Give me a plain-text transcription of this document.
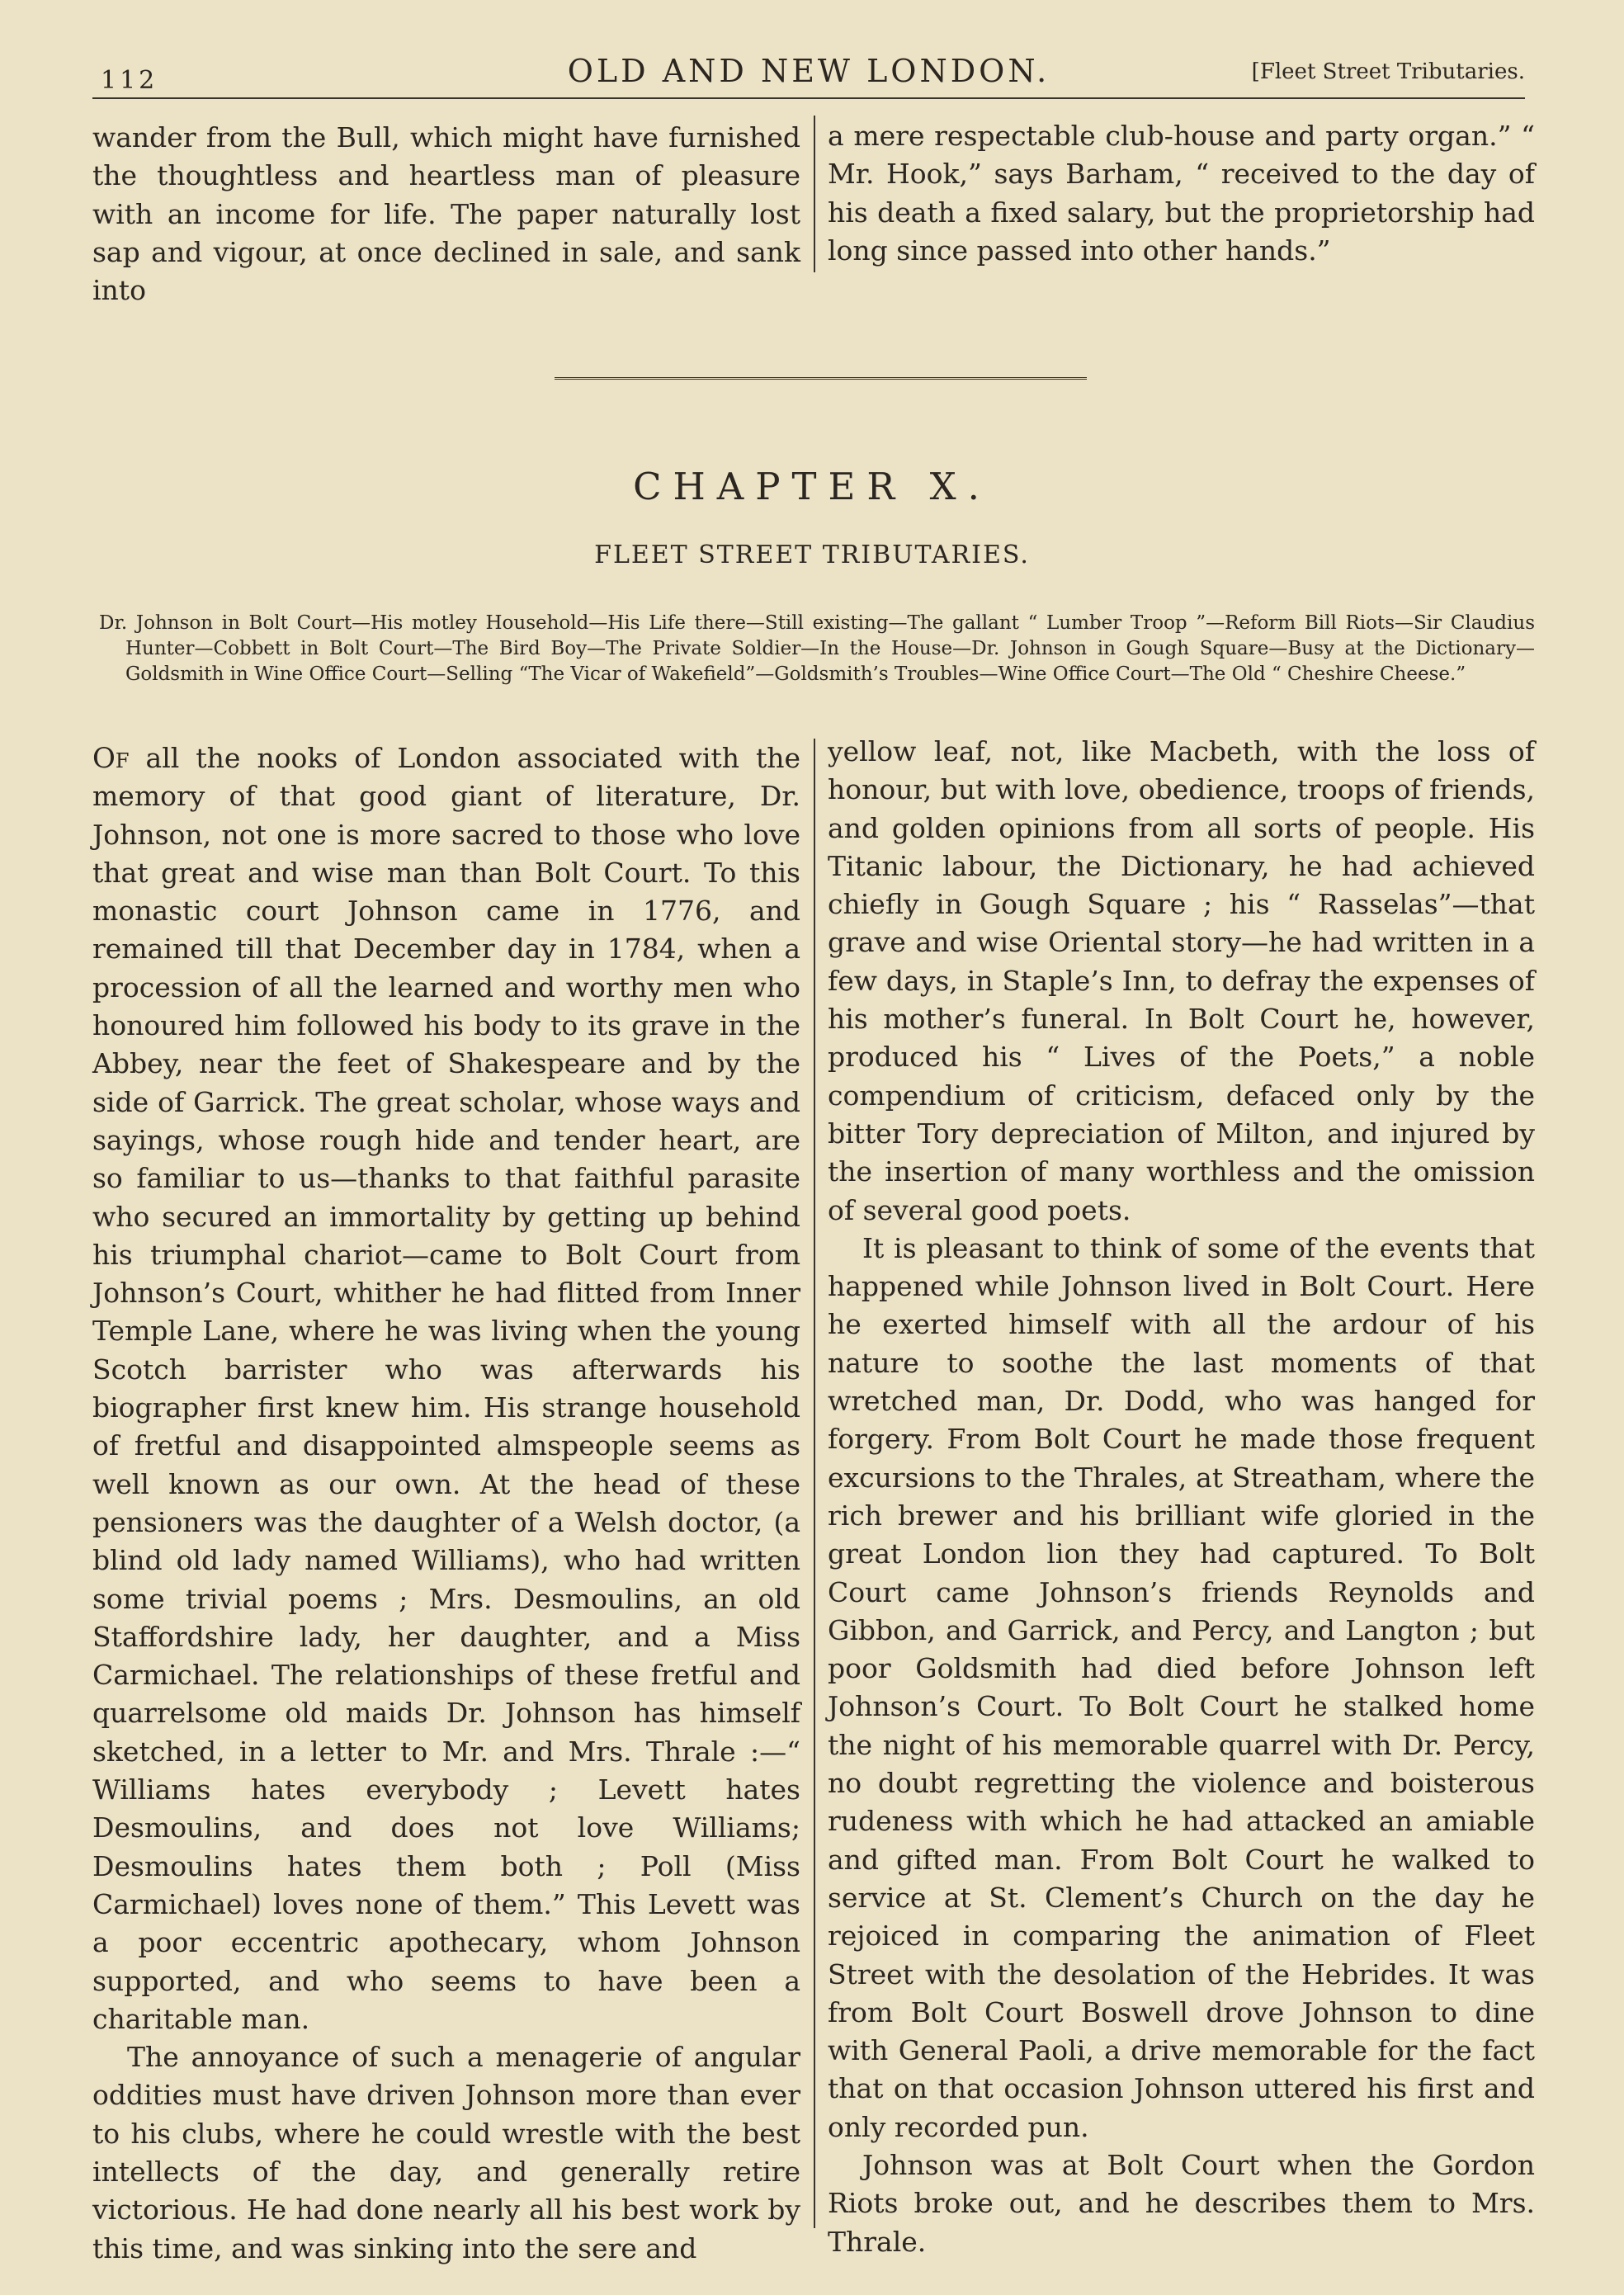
112	OLD AND NEW LONDON.	[Fleet Street Tributaries.

wander from the Bull, which might have furnished the thoughtless and heartless man of pleasure with an income for life. The paper naturally lost sap and vigour, at once declined in sale, and sank into

a mere respectable club-house and party organ.” “ Mr. Hook,” says Barham, “ received to the day of his death a fixed salary, but the proprietorship had long since passed into other hands.”

CHAPTER X.
FLEET STREET TRIBUTARIES.
Dr. Johnson in Bolt Court—His motley Household—His Life there—Still existing—The gallant “ Lumber Troop ”—Reform Bill Riots—Sir Claudius Hunter—Cobbett in Bolt Court—The Bird Boy—The Private Soldier—In the House—Dr. Johnson in Gough Square—Busy at the Dictionary—Goldsmith in Wine Office Court—Selling “The Vicar of Wakefield”—Goldsmith’s Troubles—Wine Office Court—The Old “ Cheshire Cheese.”

Of all the nooks of London associated with the memory of that good giant of literature, Dr. Johnson, not one is more sacred to those who love that great and wise man than Bolt Court. To this monastic court Johnson came in 1776, and remained till that December day in 1784, when a procession of all the learned and worthy men who honoured him followed his body to its grave in the Abbey, near the feet of Shakespeare and by the side of Garrick. The great scholar, whose ways and sayings, whose rough hide and tender heart, are so familiar to us—thanks to that faithful parasite who secured an immortality by getting up behind his triumphal chariot—came to Bolt Court from Johnson’s Court, whither he had flitted from Inner Temple Lane, where he was living when the young Scotch barrister who was afterwards his biographer first knew him. His strange household of fretful and disappointed almspeople seems as well known as our own. At the head of these pensioners was the daughter of a Welsh doctor, (a blind old lady named Williams), who had written some trivial poems ; Mrs. Desmoulins, an old Staffordshire lady, her daughter, and a Miss Carmichael. The relationships of these fretful and quarrelsome old maids Dr. Johnson has himself sketched, in a letter to Mr. and Mrs. Thrale :—“ Williams hates everybody ; Levett hates Desmoulins, and does not love Williams; Desmoulins hates them both ; Poll (Miss Carmichael) loves none of them.” This Levett was a poor eccentric apothecary, whom Johnson supported, and who seems to have been a charitable man.

The annoyance of such a menagerie of angular oddities must have driven Johnson more than ever to his clubs, where he could wrestle with the best intellects of the day, and generally retire victorious. He had done nearly all his best work by this time, and was sinking into the sere and

yellow leaf, not, like Macbeth, with the loss of honour, but with love, obedience, troops of friends, and golden opinions from all sorts of people. His Titanic labour, the Dictionary, he had achieved chiefly in Gough Square ; his “ Rasselas”—that grave and wise Oriental story—he had written in a few days, in Staple’s Inn, to defray the expenses of his mother’s funeral. In Bolt Court he, however, produced his “ Lives of the Poets,” a noble compendium of criticism, defaced only by the bitter Tory depreciation of Milton, and injured by the insertion of many worthless and the omission of several good poets.

It is pleasant to think of some of the events that happened while Johnson lived in Bolt Court. Here he exerted himself with all the ardour of his nature to soothe the last moments of that wretched man, Dr. Dodd, who was hanged for forgery. From Bolt Court he made those frequent excursions to the Thrales, at Streatham, where the rich brewer and his brilliant wife gloried in the great London lion they had captured. To Bolt Court came Johnson’s friends Reynolds and Gibbon, and Garrick, and Percy, and Langton ; but poor Goldsmith had died before Johnson left Johnson’s Court. To Bolt Court he stalked home the night of his memorable quarrel with Dr. Percy, no doubt regretting the violence and boisterous rudeness with which he had attacked an amiable and gifted man. From Bolt Court he walked to service at St. Clement’s Church on the day he rejoiced in comparing the animation of Fleet Street with the desolation of the Hebrides. It was from Bolt Court Boswell drove Johnson to dine with General Paoli, a drive memorable for the fact that on that occasion Johnson uttered his first and only recorded pun.

Johnson was at Bolt Court when the Gordon Riots broke out, and he describes them to Mrs. Thrale.
